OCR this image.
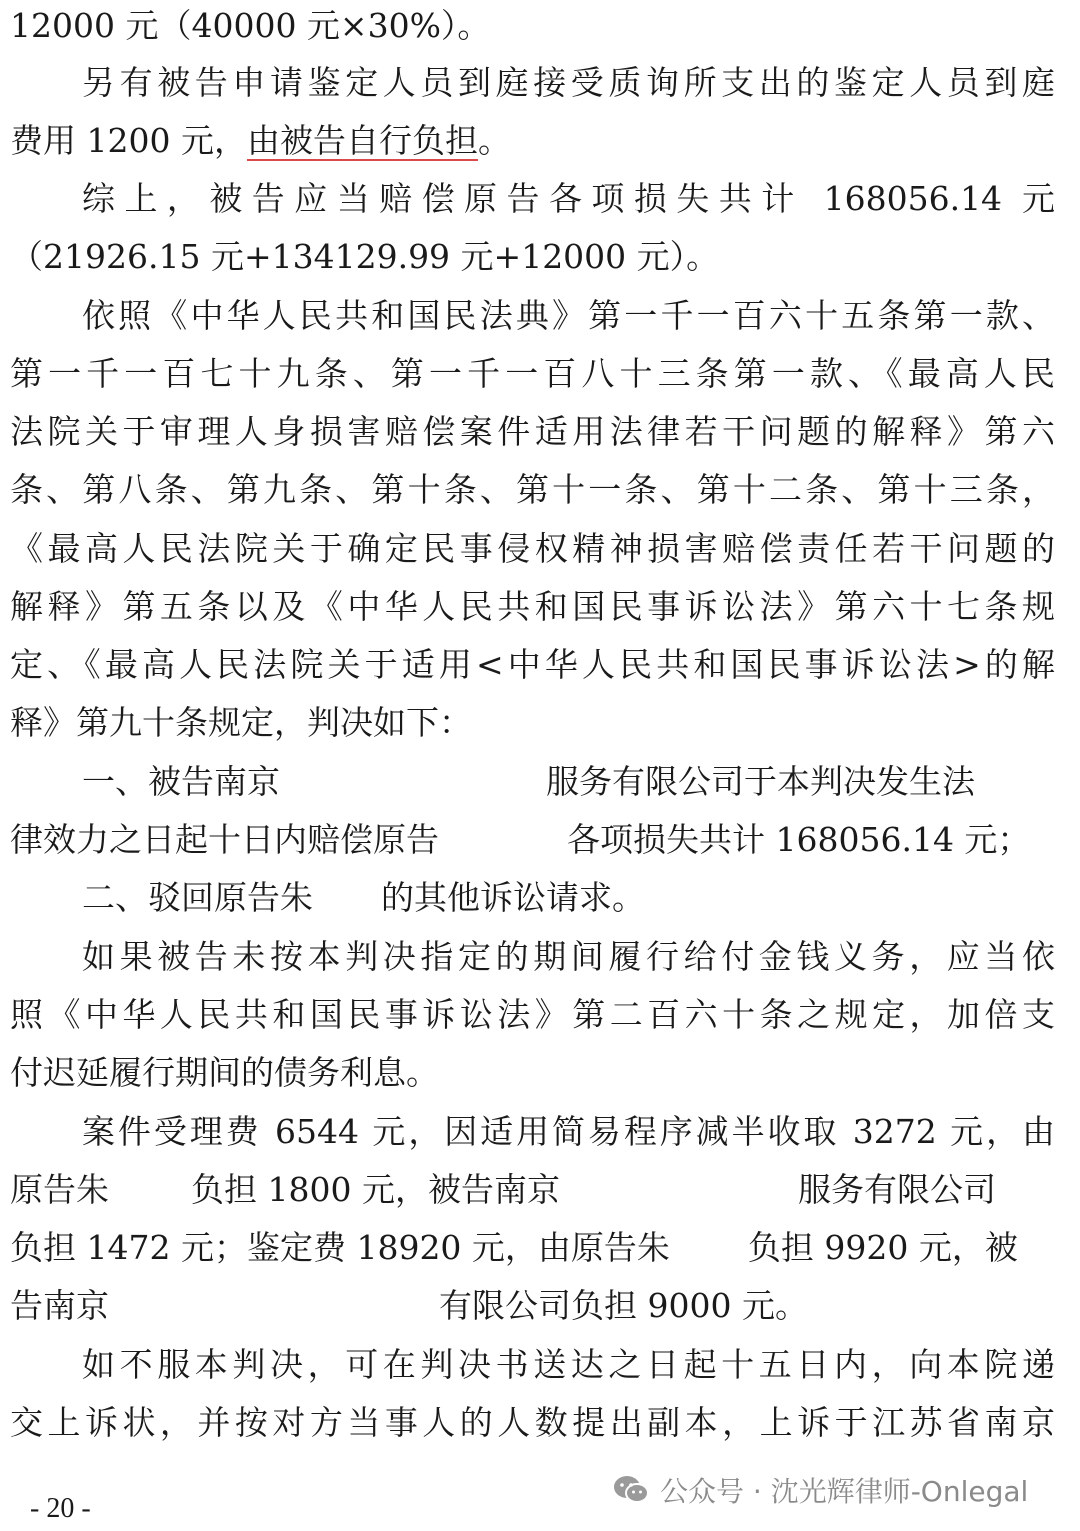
12000 元（40000 元×30%）。
另有被告申请鉴定人员到庭接受质询所支出的鉴定人员到庭
费用 1200 元，由被告自行负担。
综上，被告应当赔偿原告各项损失共计 168056.14 元
（21926.15 元+134129.99 元+12000 元）。
依照《中华人民共和国民法典》第一千一百六十五条第一款、
第一千一百七十九条、第一千一百八十三条第一款、《最高人民
法院关于审理人身损害赔偿案件适用法律若干问题的解释》第六
条、第八条、第九条、第十条、第十一条、第十二条、第十三条，
《最高人民法院关于确定民事侵权精神损害赔偿责任若干问题的
解释》第五条以及《中华人民共和国民事诉讼法》第六十七条规
定、《最高人民法院关于适用<中华人民共和国民事诉讼法>的解
释》第九十条规定，判决如下：
一、被告南京	服务有限公司于本判决发生法
律效力之日起十日内赔偿原告	各项损失共计 168056.14 元；
二、驳回原告朱 的其他诉讼请求。
如果被告未按本判决指定的期间履行给付金钱义务，应当依
照《中华人民共和国民事诉讼法》第二百六十条之规定，加倍支
付迟延履行期间的债务利息。
案件受理费 6544 元，因适用简易程序减半收取 3272 元，由
原告朱 负担 1800 元，被告南京	服务有限公司
负担 1472 元；鉴定费 18920 元，由原告朱 负担 9920 元，被
告南京	有限公司负担 9000 元。
如不服本判决，可在判决书送达之日起十五日内，向本院递
交上诉状，并按对方当事人的人数提出副本，上诉于江苏省南京
公众号 · 沈光辉律师-Onlegal
- 20 -
